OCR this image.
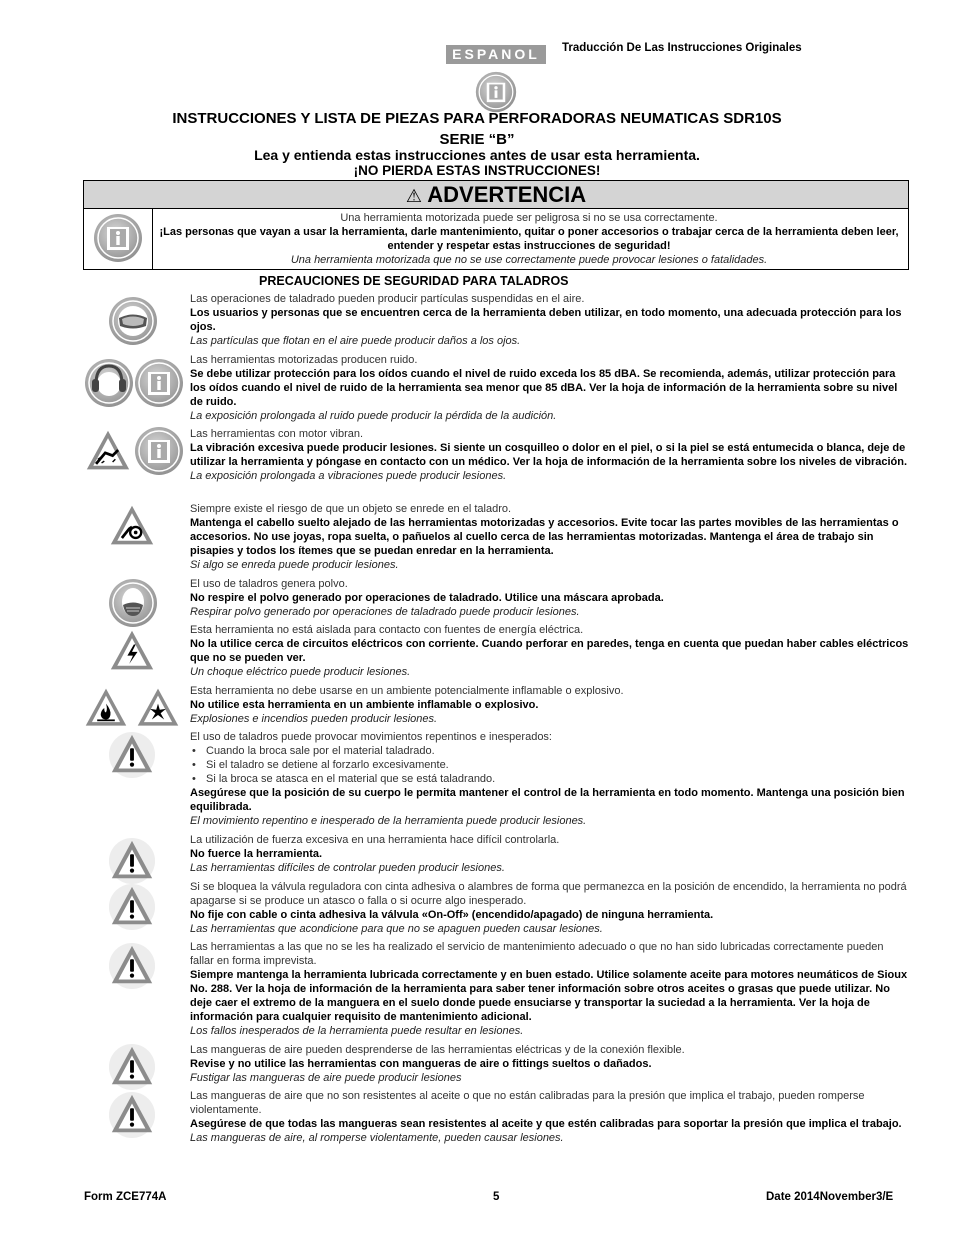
ESPANOL	Traducción De Las Instrucciones Originales
INSTRUCCIONES Y LISTA DE PIEZAS PARA PERFORADORAS NEUMATICAS SDR10S
SERIE “B”
Lea y entienda estas instrucciones antes de usar esta herramienta.
¡NO PIERDA ESTAS INSTRUCCIONES!
⚠ ADVERTENCIA
Una herramienta motorizada puede ser peligrosa si no se usa correctamente.
¡Las personas que vayan a usar la herramienta, darle mantenimiento, quitar o poner accesorios o trabajar cerca de la herramienta deben leer, entender y respetar estas instrucciones de seguridad!
Una herramienta motorizada que no se use correctamente puede provocar lesiones o fatalidades.
PRECAUCIONES DE SEGURIDAD PARA TALADROS

Las operaciones de taladrado pueden producir partículas suspendidas en el aire.

Los usuarios y personas que se encuentren cerca de la herramienta deben utilizar, en todo momento, una adecuada protección para los ojos.

Las partículas que flotan en el aire puede producir daños a los ojos.

Las herramientas motorizadas producen ruido.

Se debe utilizar protección para los oídos cuando el nivel de ruido exceda los 85 dBA. Se recomienda, además, utilizar protección para los oídos cuando el nivel de ruido de la herramienta sea menor que 85 dBA. Ver la hoja de información de la herramienta sobre su nivel de ruido.

La exposición prolongada al ruido puede producir la pérdida de la audición.

Las herramientas con motor vibran.

La vibración excesiva puede producir lesiones. Si siente un cosquilleo o dolor en el piel, o si la piel se está entumecida o blanca, deje de utilizar la herramienta y póngase en contacto con un médico. Ver la hoja de información de la herramienta sobre los niveles de vibración.

La exposición prolongada a vibraciones puede producir lesiones.

Siempre existe el riesgo de que un objeto se enrede en el taladro.

Mantenga el cabello suelto alejado de las herramientas motorizadas y accesorios. Evite tocar las partes movibles de las herramientas o accesorios. No use joyas, ropa suelta, o pañuelos al cuello cerca de las herramientas motorizadas. Mantenga el área de trabajo sin pisapies y todos los ítemes que se puedan enredar en la herramienta.

Si algo se enreda puede producir lesiones.

El uso de taladros genera polvo.

No respire el polvo generado por operaciones de taladrado. Utilice una máscara aprobada.

Respirar polvo generado por operaciones de taladrado puede producir lesiones.

Esta herramienta no está aislada para contacto con fuentes de energía eléctrica.

No la utilice cerca de circuitos eléctricos con corriente. Cuando perforar en paredes, tenga en cuenta que puedan haber cables eléctricos que no se pueden ver.

Un choque eléctrico puede producir lesiones.

Esta herramienta no debe usarse en un ambiente potencialmente inflamable o explosivo.

No utilice esta herramienta en un ambiente inflamable o explosivo.

Explosiones e incendios pueden producir lesiones.

El uso de taladros puede provocar movimientos repentinos e inesperados:

• Cuando la broca sale por el material taladrado.

• Si el taladro se detiene al forzarlo excesivamente.

• Si la broca se atasca en el material que se está taladrando.

Asegúrese que la posición de su cuerpo le permita mantener el control de la herramienta en todo momento. Mantenga una posición bien equilibrada.

El movimiento repentino e inesperado de la herramienta puede producir lesiones.

La utilización de fuerza excesiva en una herramienta hace difícil controlarla.

No fuerce la herramienta.

Las herramientas difíciles de controlar pueden producir lesiones.

Si se bloquea la válvula reguladora con cinta adhesiva o alambres de forma que permanezca en la posición de encendido, la herramienta no podrá apagarse si se produce un atasco o falla o si ocurre algo inesperado.

No fije con cable o cinta adhesiva la válvula «On-Off» (encendido/apagado) de ninguna herramienta.

Las herramientas que acondicione para que no se apaguen pueden causar lesiones.

Las herramientas a las que no se les ha realizado el servicio de mantenimiento adecuado o que no han sido lubricadas correctamente pueden fallar en forma imprevista.

Siempre mantenga la herramienta lubricada correctamente y en buen estado. Utilice solamente aceite para motores neumáticos de Sioux No. 288. Ver la hoja de información de la herramienta para saber tener información sobre otros aceites o grasas que puede utilizar. No deje caer el extremo de la manguera en el suelo donde puede ensuciarse y transportar la suciedad a la herramienta. Ver la hoja de información para cualquier requisito de mantenimiento adicional.

Los fallos inesperados de la herramienta puede resultar en lesiones.

Las mangueras de aire pueden desprenderse de las herramientas eléctricas y de la conexión flexible.

Revise y no utilice las herramientas con mangueras de aire o fittings sueltos o dañados.

Fustigar las mangueras de aire puede producir lesiones

Las mangueras de aire que no son resistentes al aceite o que no están calibradas para la presión que implica el trabajo, pueden romperse violentamente.

Asegúrese de que todas las mangueras sean resistentes al aceite y que estén calibradas para soportar la presión que implica el trabajo.

Las mangueras de aire, al romperse violentamente, pueden causar lesiones.

Form ZCE774A	5	Date 2014November3/E
